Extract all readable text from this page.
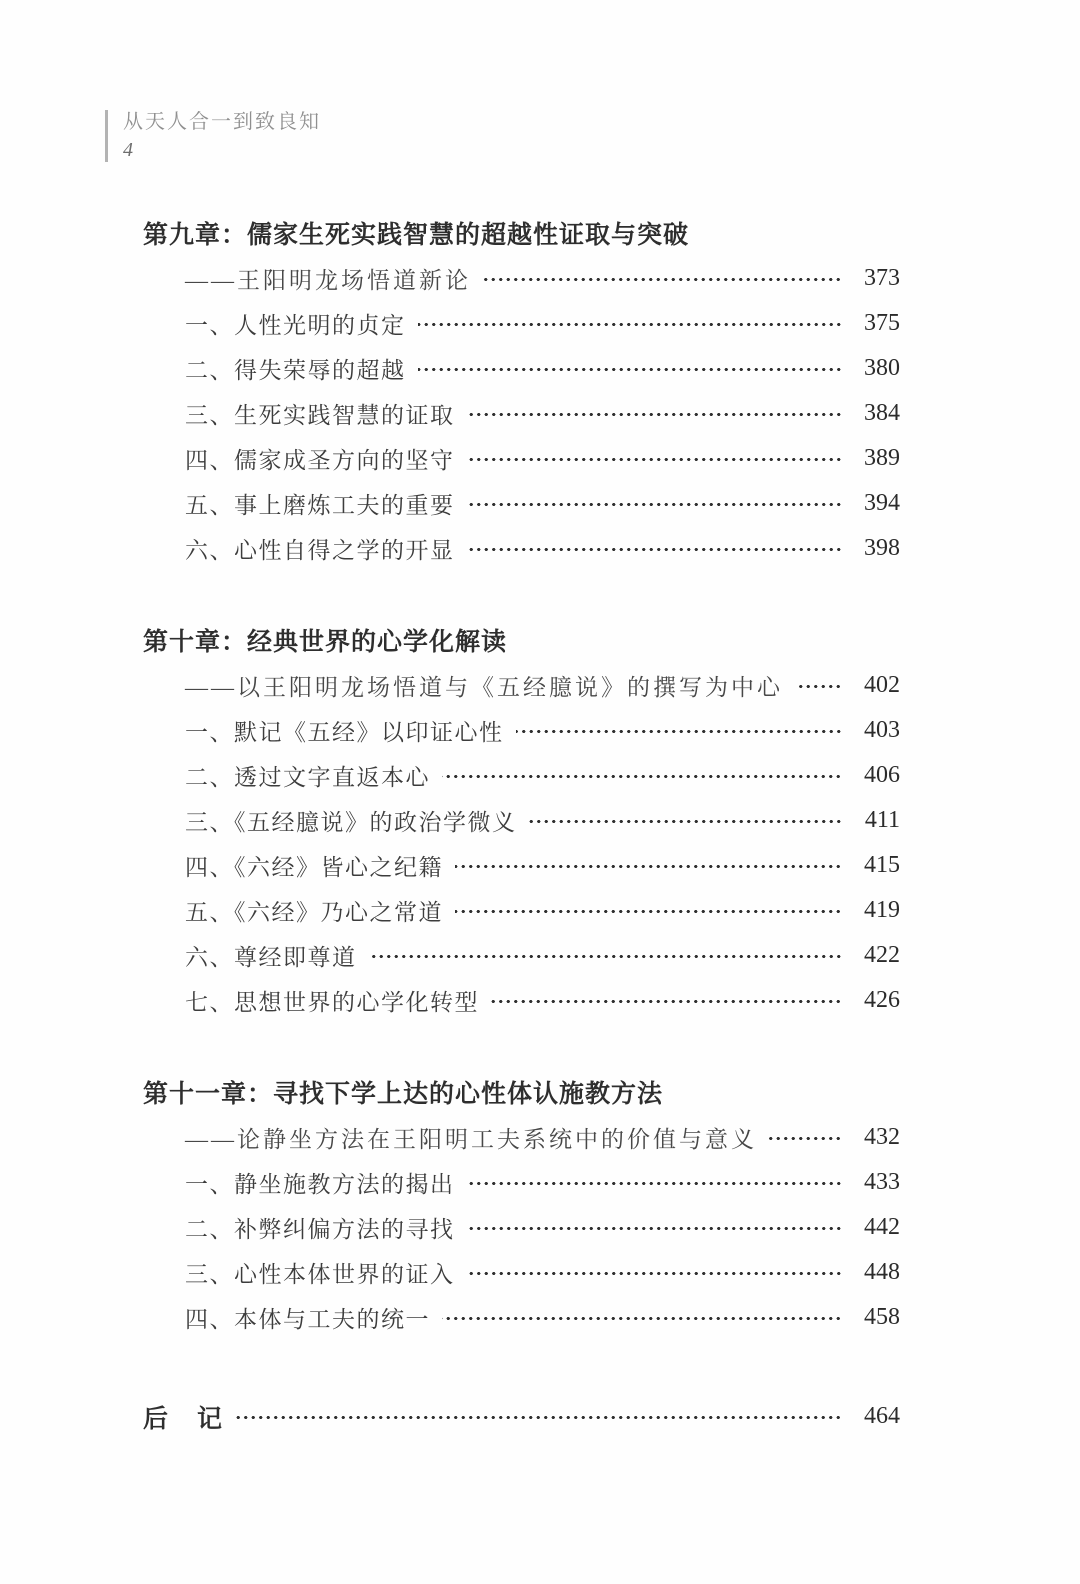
从天人合一到致良知
4
第九章：儒家生死实践智慧的超越性证取与突破
——王阳明龙场悟道新论	373
一、人性光明的贞定	375
二、得失荣辱的超越	380
三、生死实践智慧的证取	384
四、儒家成圣方向的坚守	389
五、事上磨炼工夫的重要	394
六、心性自得之学的开显	398
第十章：经典世界的心学化解读
——以王阳明龙场悟道与《五经臆说》的撰写为中心	402
一、默记《五经》以印证心性	403
二、透过文字直返本心	406
三、《五经臆说》的政治学微义	411
四、《六经》皆心之纪籍	415
五、《六经》乃心之常道	419
六、尊经即尊道	422
七、思想世界的心学化转型	426
第十一章：寻找下学上达的心性体认施教方法
——论静坐方法在王阳明工夫系统中的价值与意义	432
一、静坐施教方法的揭出	433
二、补弊纠偏方法的寻找	442
三、心性本体世界的证入	448
四、本体与工夫的统一	458
后　记	464
